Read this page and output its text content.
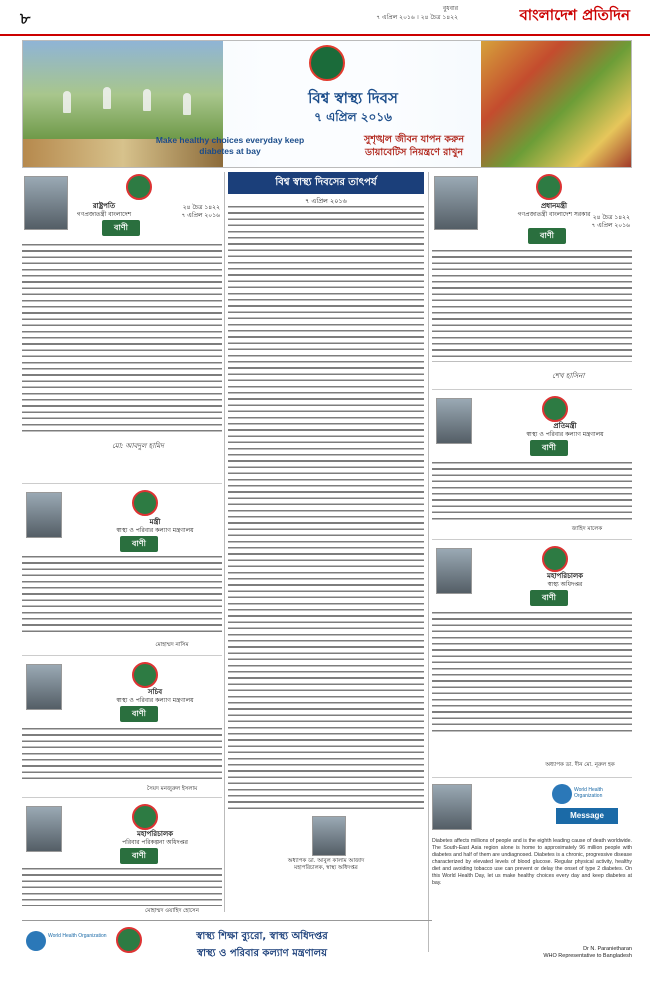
৮
বুধবার
৭ এপ্রিল ২০১৬ । ২৪ চৈত্র ১৪২২	বাংলাদেশ প্রতিদিন
বিশ্ব স্বাস্থ্য দিবস
৭ এপ্রিল ২০১৬
Make healthy choices everyday keep diabetes at bay
সুশৃঙ্খল জীবন যাপন করুন
ডায়াবেটিস নিয়ন্ত্রণে রাখুন
রাষ্ট্রপতি
গণপ্রজাতন্ত্রী বাংলাদেশ
২৪ চৈত্র ১৪২২
৭ এপ্রিল ২০১৬
বাণী
মো: আবদুল হামিদ
মন্ত্রী
স্বাস্থ্য ও পরিবার কল্যাণ মন্ত্রণালয়
বাণী
মোহাম্মদ নাসিম
সচিব
স্বাস্থ্য ও পরিবার কল্যাণ মন্ত্রণালয়
বাণী
সৈয়দ মনজুরুল ইসলাম
মহাপরিচালক
পরিবার পরিকল্পনা অধিদপ্তর
বাণী
মোহাম্মদ ওয়াহিদ হোসেন
বিশ্ব স্বাস্থ্য দিবসের তাৎপর্য
৭ এপ্রিল ২০১৬
অধ্যাপক ডা. আবুল কালাম আজাদ
মহাপরিচালক, স্বাস্থ্য অধিদপ্তর
প্রধানমন্ত্রী
গণপ্রজাতন্ত্রী বাংলাদেশ সরকার ২৪ চৈত্র ১৪২২
৭ এপ্রিল ২০১৬
বাণী
শেখ হাসিনা
প্রতিমন্ত্রী
স্বাস্থ্য ও পরিবার কল্যাণ মন্ত্রণালয়
বাণী
জাহিদ মালেক
মহাপরিচালক
স্বাস্থ্য অধিদপ্তর
বাণী
অধ্যাপক ডা. দীন মো. নূরুল হক
World Health Organization
Message
Diabetes affects millions of people and is the eighth leading cause of death worldwide. The South-East Asia region alone is home to approximately 96 million people with diabetes and half of them are undiagnosed. Diabetes is a chronic, progressive disease characterized by elevated levels of blood glucose. Regular physical activity, healthy diet and avoiding tobacco use can prevent or delay the onset of type 2 diabetes. On this World Health Day, let us make healthy choices every day and keep diabetes at bay.
Dr N. Paranietharan
WHO Representative to Bangladesh
World Health Organization	স্বাস্থ্য শিক্ষা ব্যুরো, স্বাস্থ্য অধিদপ্তর
স্বাস্থ্য ও পরিবার কল্যাণ মন্ত্রণালয়
